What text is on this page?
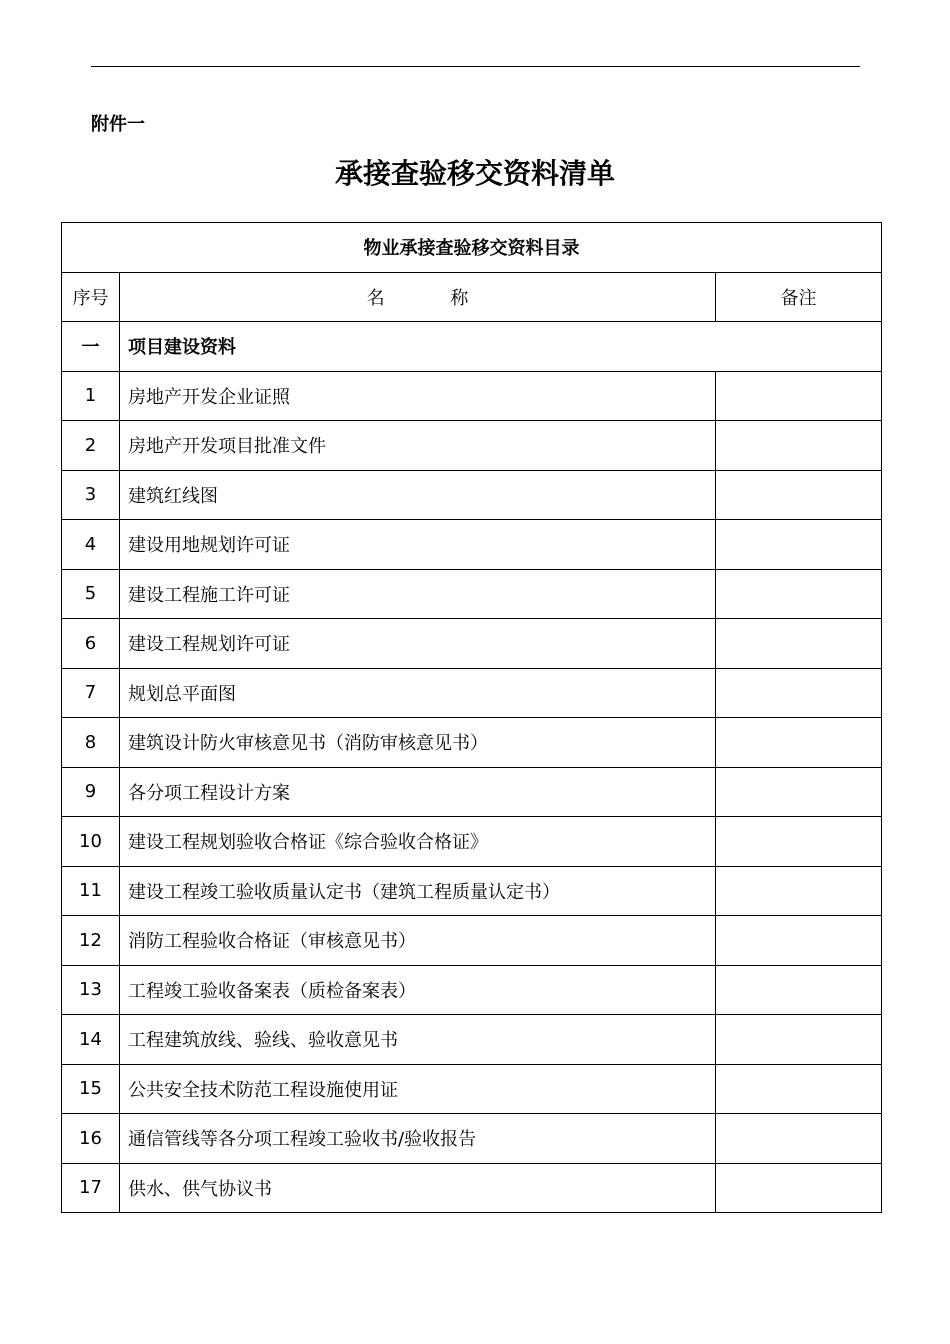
附件一
承接查验移交资料清单
物业承接查验移交资料目录		
序号	名 称	备注
一	项目建设资料	
1	房地产开发企业证照	
2	房地产开发项目批准文件	
3	建筑红线图	
4	建设用地规划许可证	
5	建设工程施工许可证	
6	建设工程规划许可证	
7	规划总平面图	
8	建筑设计防火审核意见书（消防审核意见书）	
9	各分项工程设计方案	
10	建设工程规划验收合格证《综合验收合格证》	
11	建设工程竣工验收质量认定书（建筑工程质量认定书）	
12	消防工程验收合格证（审核意见书）	
13	工程竣工验收备案表（质检备案表）	
14	工程建筑放线、验线、验收意见书	
15	公共安全技术防范工程设施使用证	
16	通信管线等各分项工程竣工验收书/验收报告	
17	供水、供气协议书	
